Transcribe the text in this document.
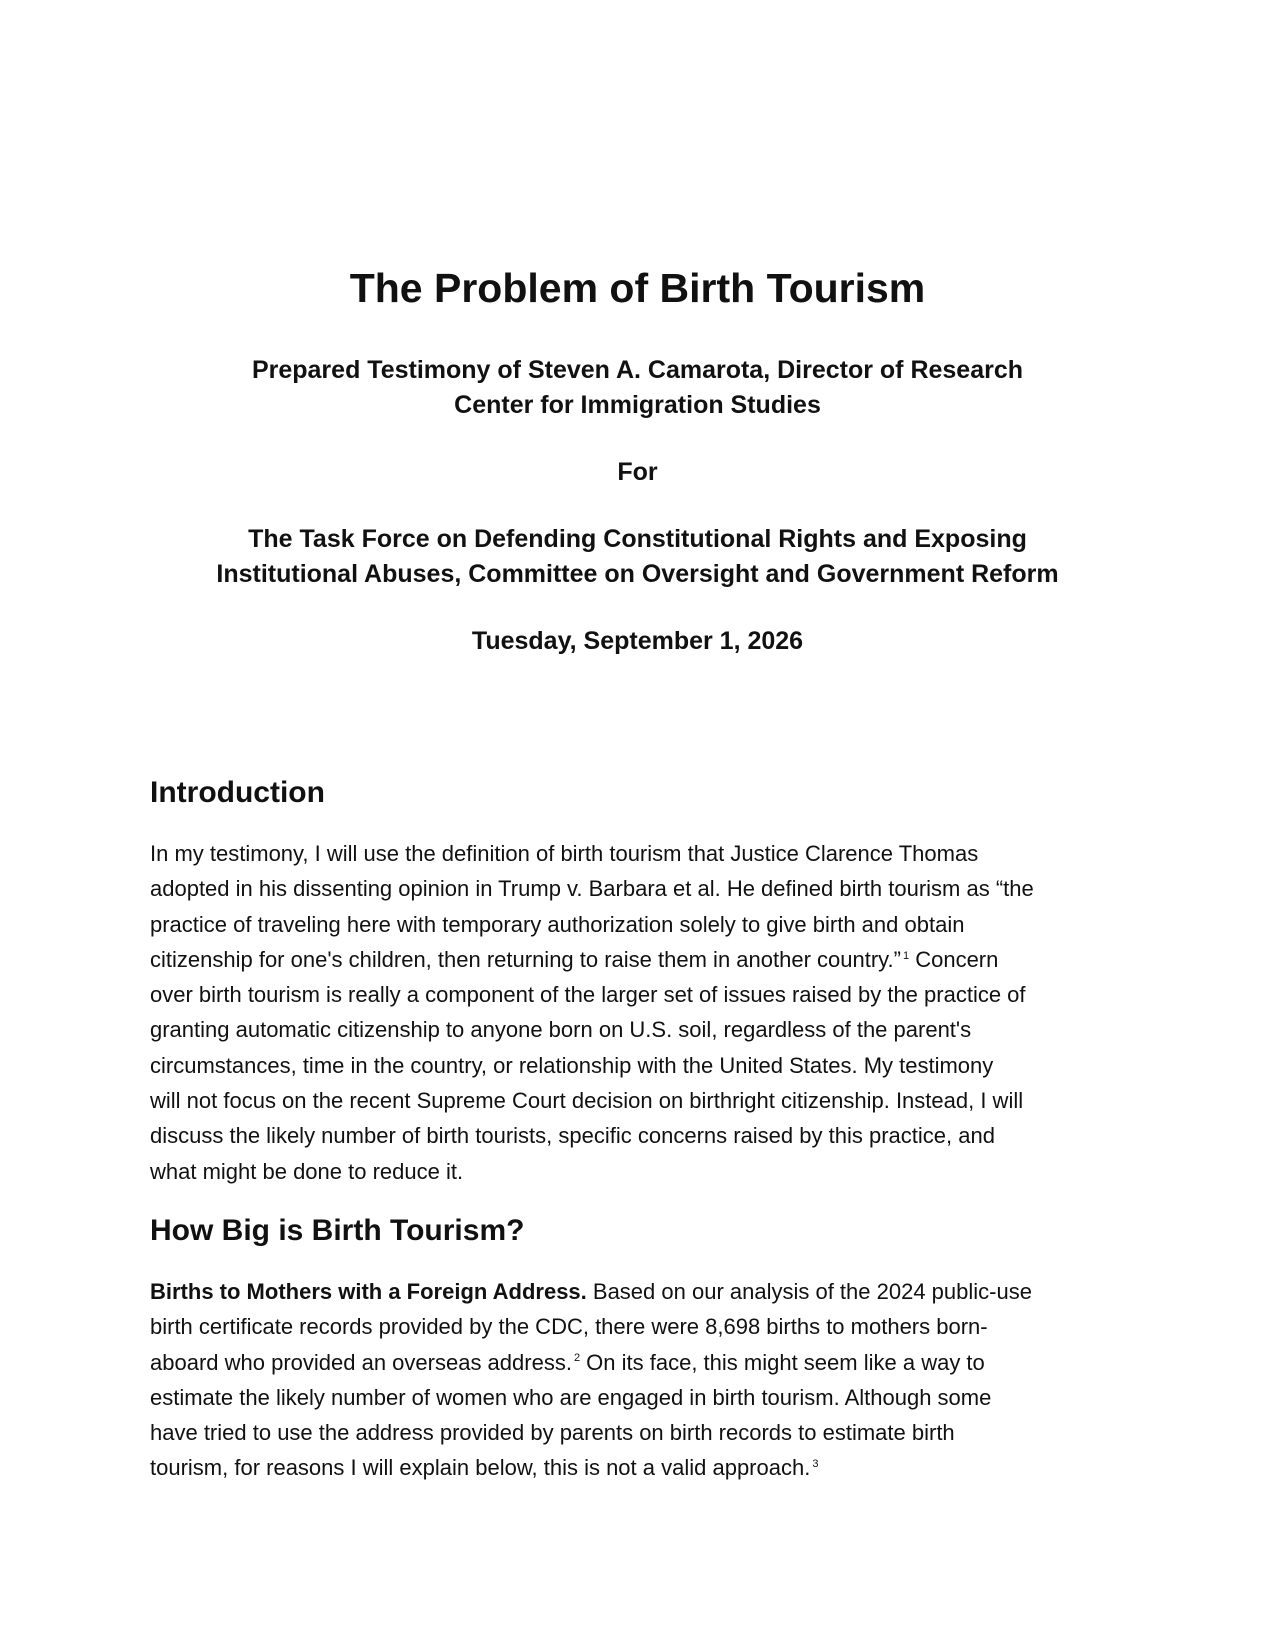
The Problem of Birth Tourism

Prepared Testimony of Steven A. Camarota, Director of Research
Center for Immigration Studies

For

The Task Force on Defending Constitutional Rights and Exposing
Institutional Abuses, Committee on Oversight and Government Reform

Tuesday, September 1, 2026

Introduction

In my testimony, I will use the definition of birth tourism that Justice Clarence Thomas
adopted in his dissenting opinion in Trump v. Barbara et al. He defined birth tourism as “the
practice of traveling here with temporary authorization solely to give birth and obtain
citizenship for one's children, then returning to raise them in another country.” $^1$ Concern
over birth tourism is really a component of the larger set of issues raised by the practice of
granting automatic citizenship to anyone born on U.S. soil, regardless of the parent's
circumstances, time in the country, or relationship with the United States. My testimony
will not focus on the recent Supreme Court decision on birthright citizenship. Instead, I will
discuss the likely number of birth tourists, specific concerns raised by this practice, and
what might be done to reduce it.

How Big is Birth Tourism?

Births to Mothers with a Foreign Address. Based on our analysis of the 2024 public-use
birth certificate records provided by the CDC, there were 8,698 births to mothers born-
aboard who provided an overseas address. $^2$ On its face, this might seem like a way to
estimate the likely number of women who are engaged in birth tourism. Although some
have tried to use the address provided by parents on birth records to estimate birth
tourism, for reasons I will explain below, this is not a valid approach. $^3$
